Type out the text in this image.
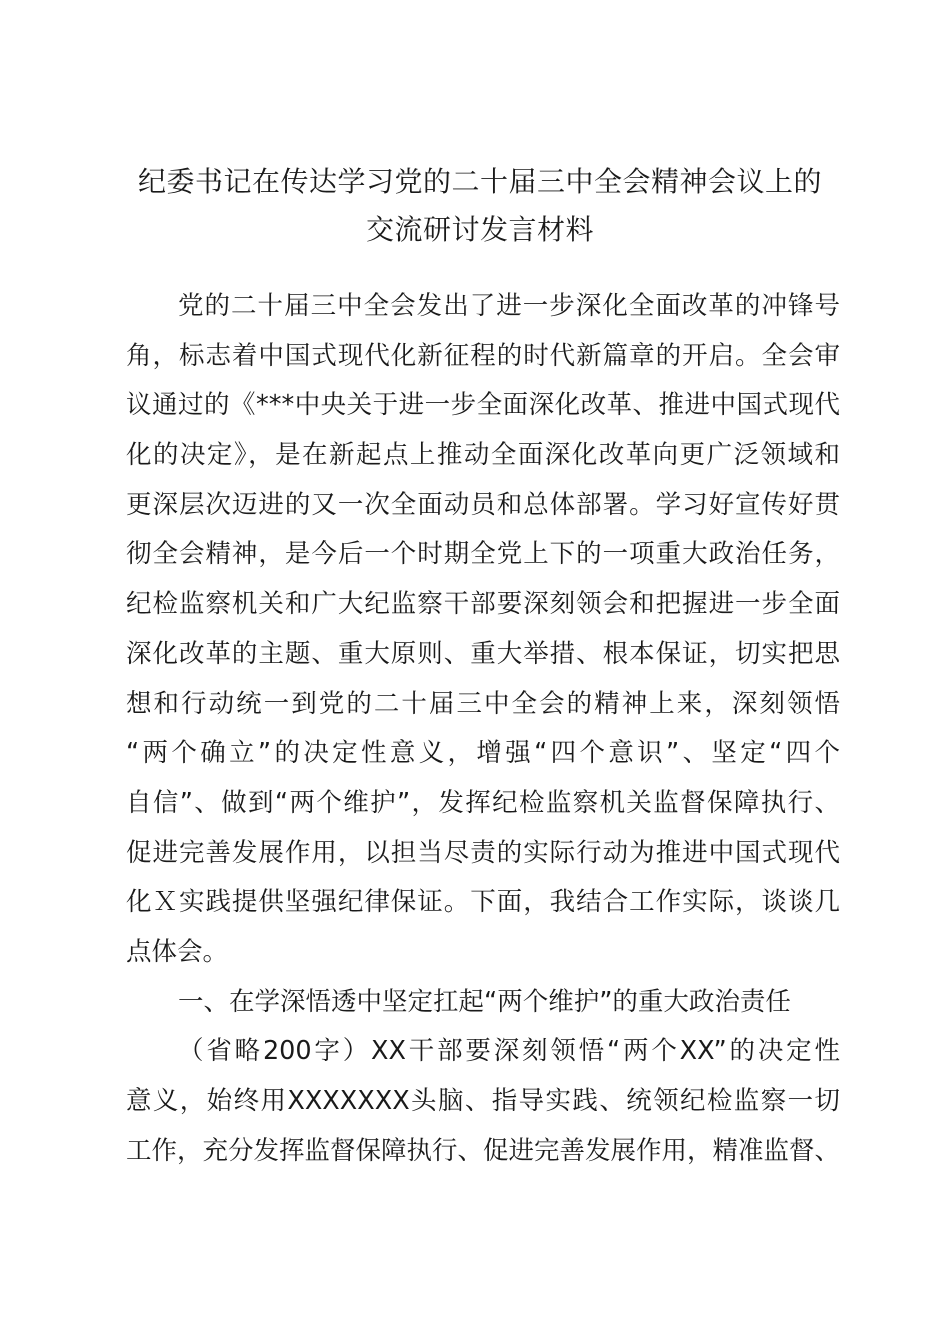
纪委书记在传达学习党的二十届三中全会精神会议上的
交流研讨发言材料
党的二十届三中全会发出了进一步深化全面改革的冲锋号
角，标志着中国式现代化新征程的时代新篇章的开启。全会审
议通过的《***中央关于进一步全面深化改革、推进中国式现代
化的决定》，是在新起点上推动全面深化改革向更广泛领域和
更深层次迈进的又一次全面动员和总体部署。学习好宣传好贯
彻全会精神，是今后一个时期全党上下的一项重大政治任务，
纪检监察机关和广大纪监察干部要深刻领会和把握进一步全面
深化改革的主题、重大原则、重大举措、根本保证，切实把思
想和行动统一到党的二十届三中全会的精神上来，深刻领悟
“两个确立”的决定性意义，增强“四个意识”、坚定“四个
自信”、做到“两个维护”，发挥纪检监察机关监督保障执行、
促进完善发展作用，以担当尽责的实际行动为推进中国式现代
化Ｘ实践提供坚强纪律保证。下面，我结合工作实际，谈谈几
点体会。
一、在学深悟透中坚定扛起“两个维护”的重大政治责任
（省略200字）XX干部要深刻领悟“两个XX”的决定性
意义，始终用XXXXXXX头脑、指导实践、统领纪检监察一切
工作，充分发挥监督保障执行、促进完善发展作用，精准监督、
